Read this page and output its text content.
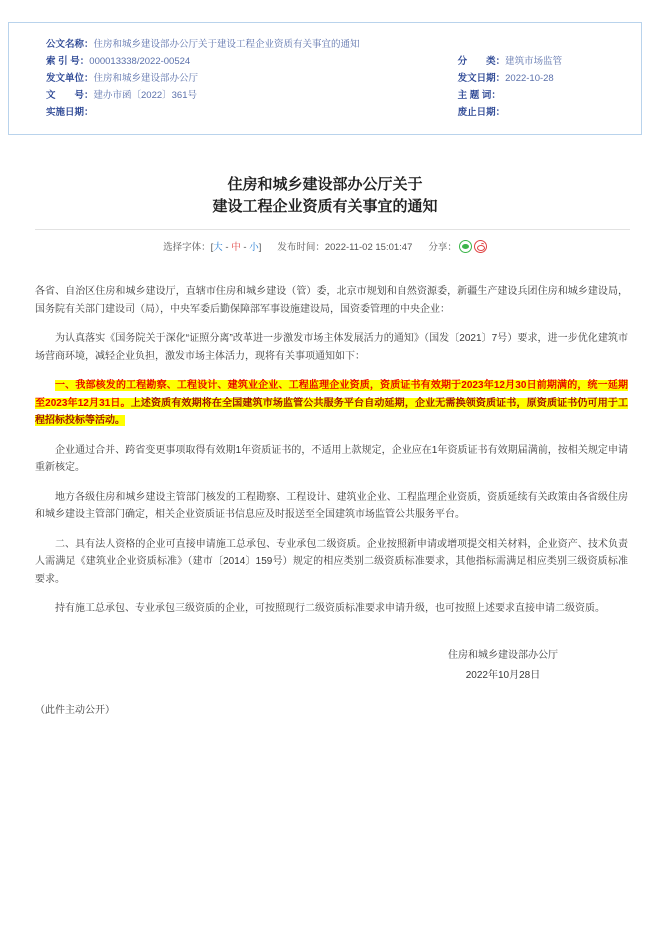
公文名称：住房和城乡建设部办公厅关于建设工程企业资质有关事宜的通知
索 引 号：000013338/2022-00524
发文单位：住房和城乡建设部办公厅
文　　号：建办市函〔2022〕361号
实施日期：
分　　类：建筑市场监管
发文日期：2022-10-28
主 题 词：
废止日期：
住房和城乡建设部办公厅关于
建设工程企业资质有关事宜的通知
选择字体：[大 - 中 - 小] 发布时间：2022-11-02 15:01:47 分享：

各省、自治区住房和城乡建设厅，直辖市住房和城乡建设（管）委，北京市规划和自然资源委，新疆生产建设兵团住房和城乡建设局，国务院有关部门建设司（局），中央军委后勤保障部军事设施建设局，国资委管理的中央企业：

为认真落实《国务院关于深化“证照分离”改革进一步激发市场主体发展活力的通知》（国发〔2021〕7号）要求，进一步优化建筑市场营商环境，减轻企业负担，激发市场主体活力，现将有关事项通知如下：

一、我部核发的工程勘察、工程设计、建筑业企业、工程监理企业资质，资质证书有效期于2023年12月30日前期满的，统一延期至2023年12月31日。上述资质有效期将在全国建筑市场监管公共服务平台自动延期，企业无需换领资质证书，原资质证书仍可用于工程招标投标等活动。

企业通过合并、跨省变更事项取得有效期1年资质证书的，不适用上款规定，企业应在1年资质证书有效期届满前，按相关规定申请重新核定。

地方各级住房和城乡建设主管部门核发的工程勘察、工程设计、建筑业企业、工程监理企业资质，资质延续有关政策由各省级住房和城乡建设主管部门确定，相关企业资质证书信息应及时报送至全国建筑市场监管公共服务平台。

二、具有法人资格的企业可直接申请施工总承包、专业承包二级资质。企业按照新申请或增项提交相关材料，企业资产、技术负责人需满足《建筑业企业资质标准》（建市〔2014〕159号）规定的相应类别二级资质标准要求，其他指标需满足相应类别三级资质标准要求。

持有施工总承包、专业承包三级资质的企业，可按照现行二级资质标准要求申请升级，也可按照上述要求直接申请二级资质。

住房和城乡建设部办公厅
2022年10月28日

（此件主动公开）
